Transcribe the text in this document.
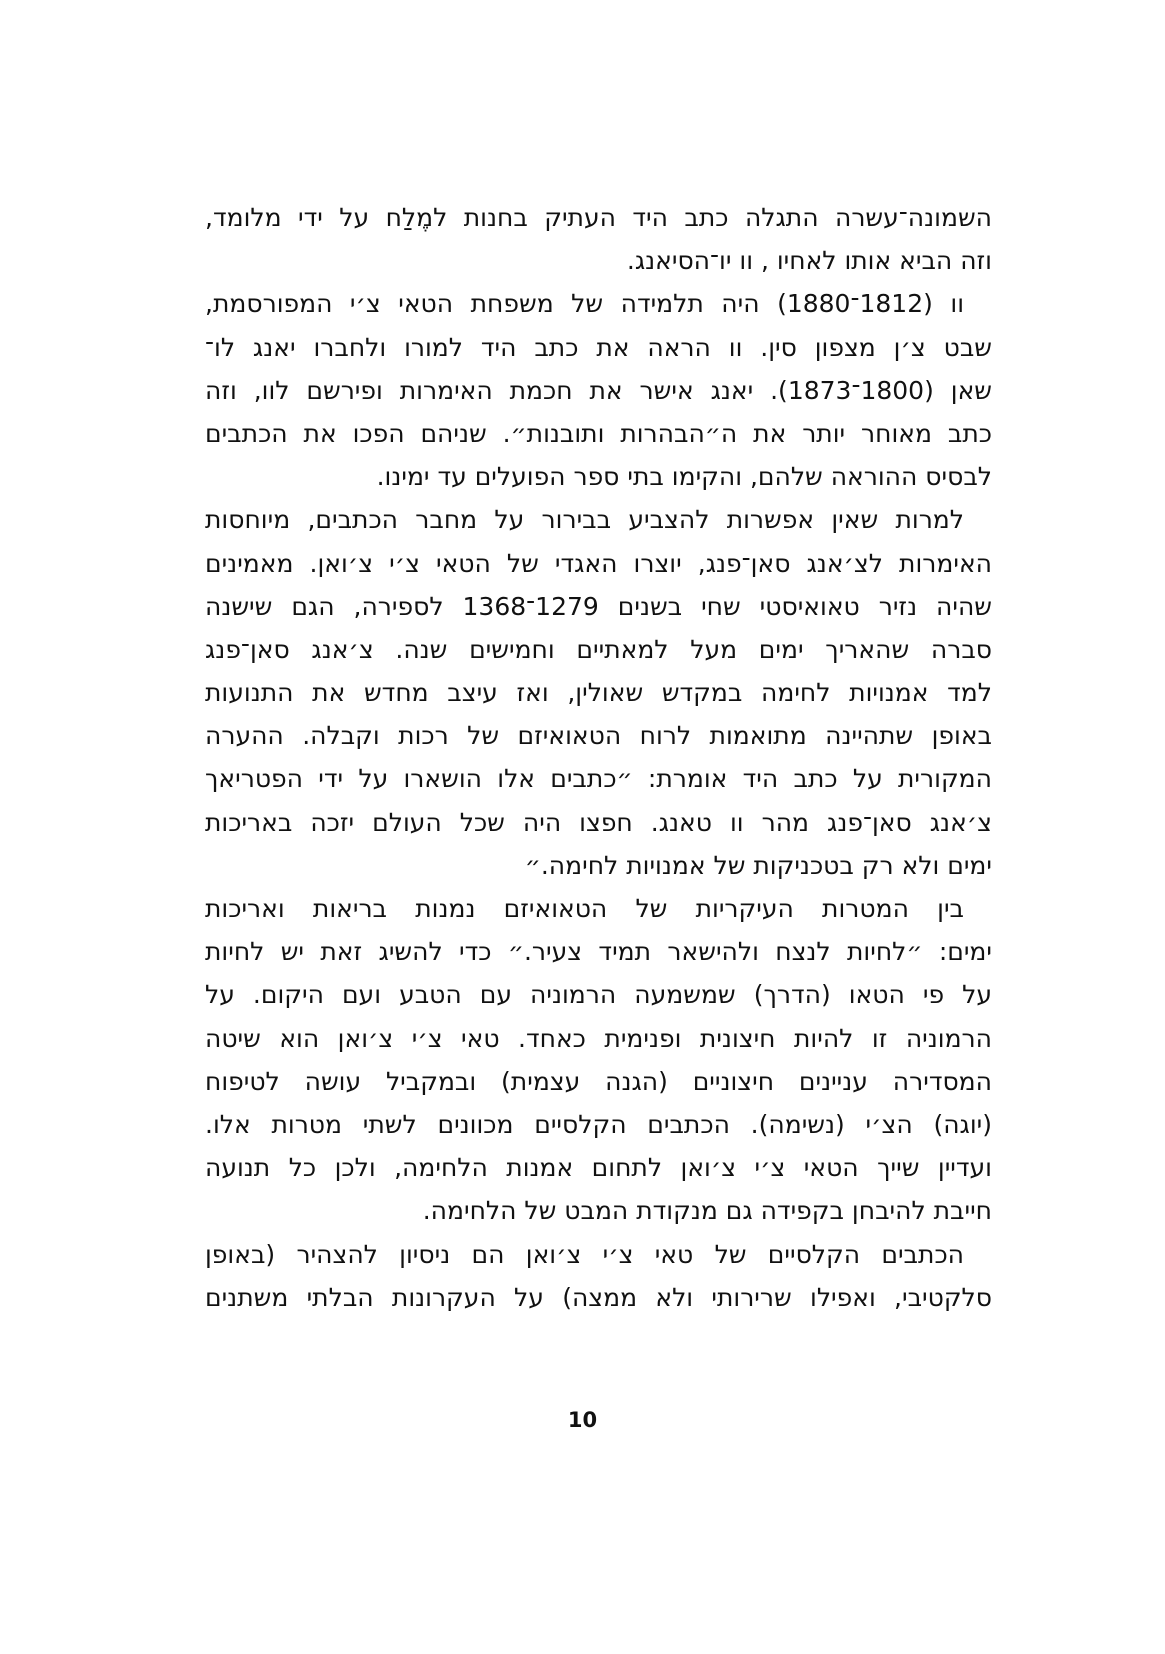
השמונה־עשרה התגלה כתב היד העתיק בחנות למֶלַח על ידי מלומד,
וזה הביא אותו לאחיו , וו יו־הסיאנג.
וו (1812־1880) היה תלמידה של משפחת הטאי צ׳י המפורסמת,
שבט צ׳ן מצפון סין. וו הראה את כתב היד למורו ולחברו יאנג לו־
שאן (1800־1873). יאנג אישר את חכמת האימרות ופירשם לוו, וזה
כתב מאוחר יותר את ה״הבהרות ותובנות״. שניהם הפכו את הכתבים
לבסיס ההוראה שלהם, והקימו בתי ספר הפועלים עד ימינו.
למרות שאין אפשרות להצביע בבירור על מחבר הכתבים, מיוחסות
האימרות לצ׳אנג סאן־פנג, יוצרו האגדי של הטאי צ׳י צ׳ואן. מאמינים
שהיה נזיר טאואיסטי שחי בשנים 1279־1368 לספירה, הגם שישנה
סברה שהאריך ימים מעל למאתיים וחמישים שנה. צ׳אנג סאן־פנג
למד אמנויות לחימה במקדש שאולין, ואז עיצב מחדש את התנועות
באופן שתהיינה מתואמות לרוח הטאואיזם של רכות וקבלה. ההערה
המקורית על כתב היד אומרת: ״כתבים אלו הושארו על ידי הפטריאך
צ׳אנג סאן־פנג מהר וו טאנג. חפצו היה שכל העולם יזכה באריכות
ימים ולא רק בטכניקות של אמנויות לחימה.״
בין המטרות העיקריות של הטאואיזם נמנות בריאות ואריכות
ימים: ״לחיות לנצח ולהישאר תמיד צעיר.״ כדי להשיג זאת יש לחיות
על פי הטאו (הדרך) שמשמעה הרמוניה עם הטבע ועם היקום. על
הרמוניה זו להיות חיצונית ופנימית כאחד. טאי צ׳י צ׳ואן הוא שיטה
המסדירה עניינים חיצוניים (הגנה עצמית) ובמקביל עושה לטיפוח
(יוגה) הצ׳י (נשימה). הכתבים הקלסיים מכוונים לשתי מטרות אלו.
ועדיין שייך הטאי צ׳י צ׳ואן לתחום אמנות הלחימה, ולכן כל תנועה
חייבת להיבחן בקפידה גם מנקודת המבט של הלחימה.
הכתבים הקלסיים של טאי צ׳י צ׳ואן הם ניסיון להצהיר (באופן
סלקטיבי, ואפילו שרירותי ולא ממצה) על העקרונות הבלתי משתנים
10
